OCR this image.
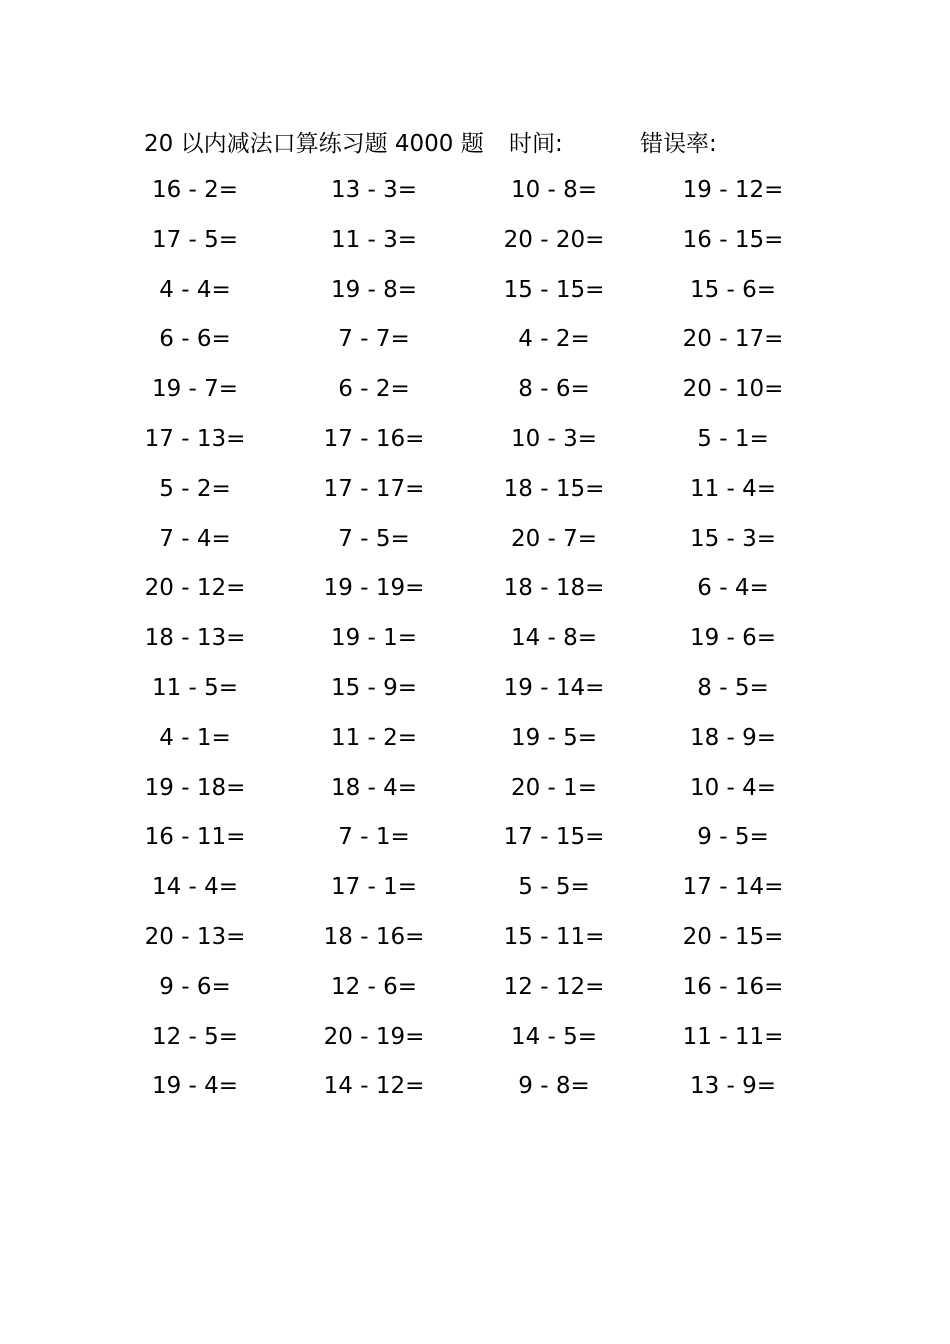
20 以内减法口算练习题 4000 题 时间:	错误率:
16 - 2=	13 - 3=	10 - 8=	19 - 12=
17 - 5=	11 - 3=	20 - 20=	16 - 15=
4 - 4=	19 - 8=	15 - 15=	15 - 6=
6 - 6=	7 - 7=	4 - 2=	20 - 17=
19 - 7=	6 - 2=	8 - 6=	20 - 10=
17 - 13=	17 - 16=	10 - 3=	5 - 1=
5 - 2=	17 - 17=	18 - 15=	11 - 4=
7 - 4=	7 - 5=	20 - 7=	15 - 3=
20 - 12=	19 - 19=	18 - 18=	6 - 4=
18 - 13=	19 - 1=	14 - 8=	19 - 6=
11 - 5=	15 - 9=	19 - 14=	8 - 5=
4 - 1=	11 - 2=	19 - 5=	18 - 9=
19 - 18=	18 - 4=	20 - 1=	10 - 4=
16 - 11=	7 - 1=	17 - 15=	9 - 5=
14 - 4=	17 - 1=	5 - 5=	17 - 14=
20 - 13=	18 - 16=	15 - 11=	20 - 15=
9 - 6=	12 - 6=	12 - 12=	16 - 16=
12 - 5=	20 - 19=	14 - 5=	11 - 11=
19 - 4=	14 - 12=	9 - 8=	13 - 9=
